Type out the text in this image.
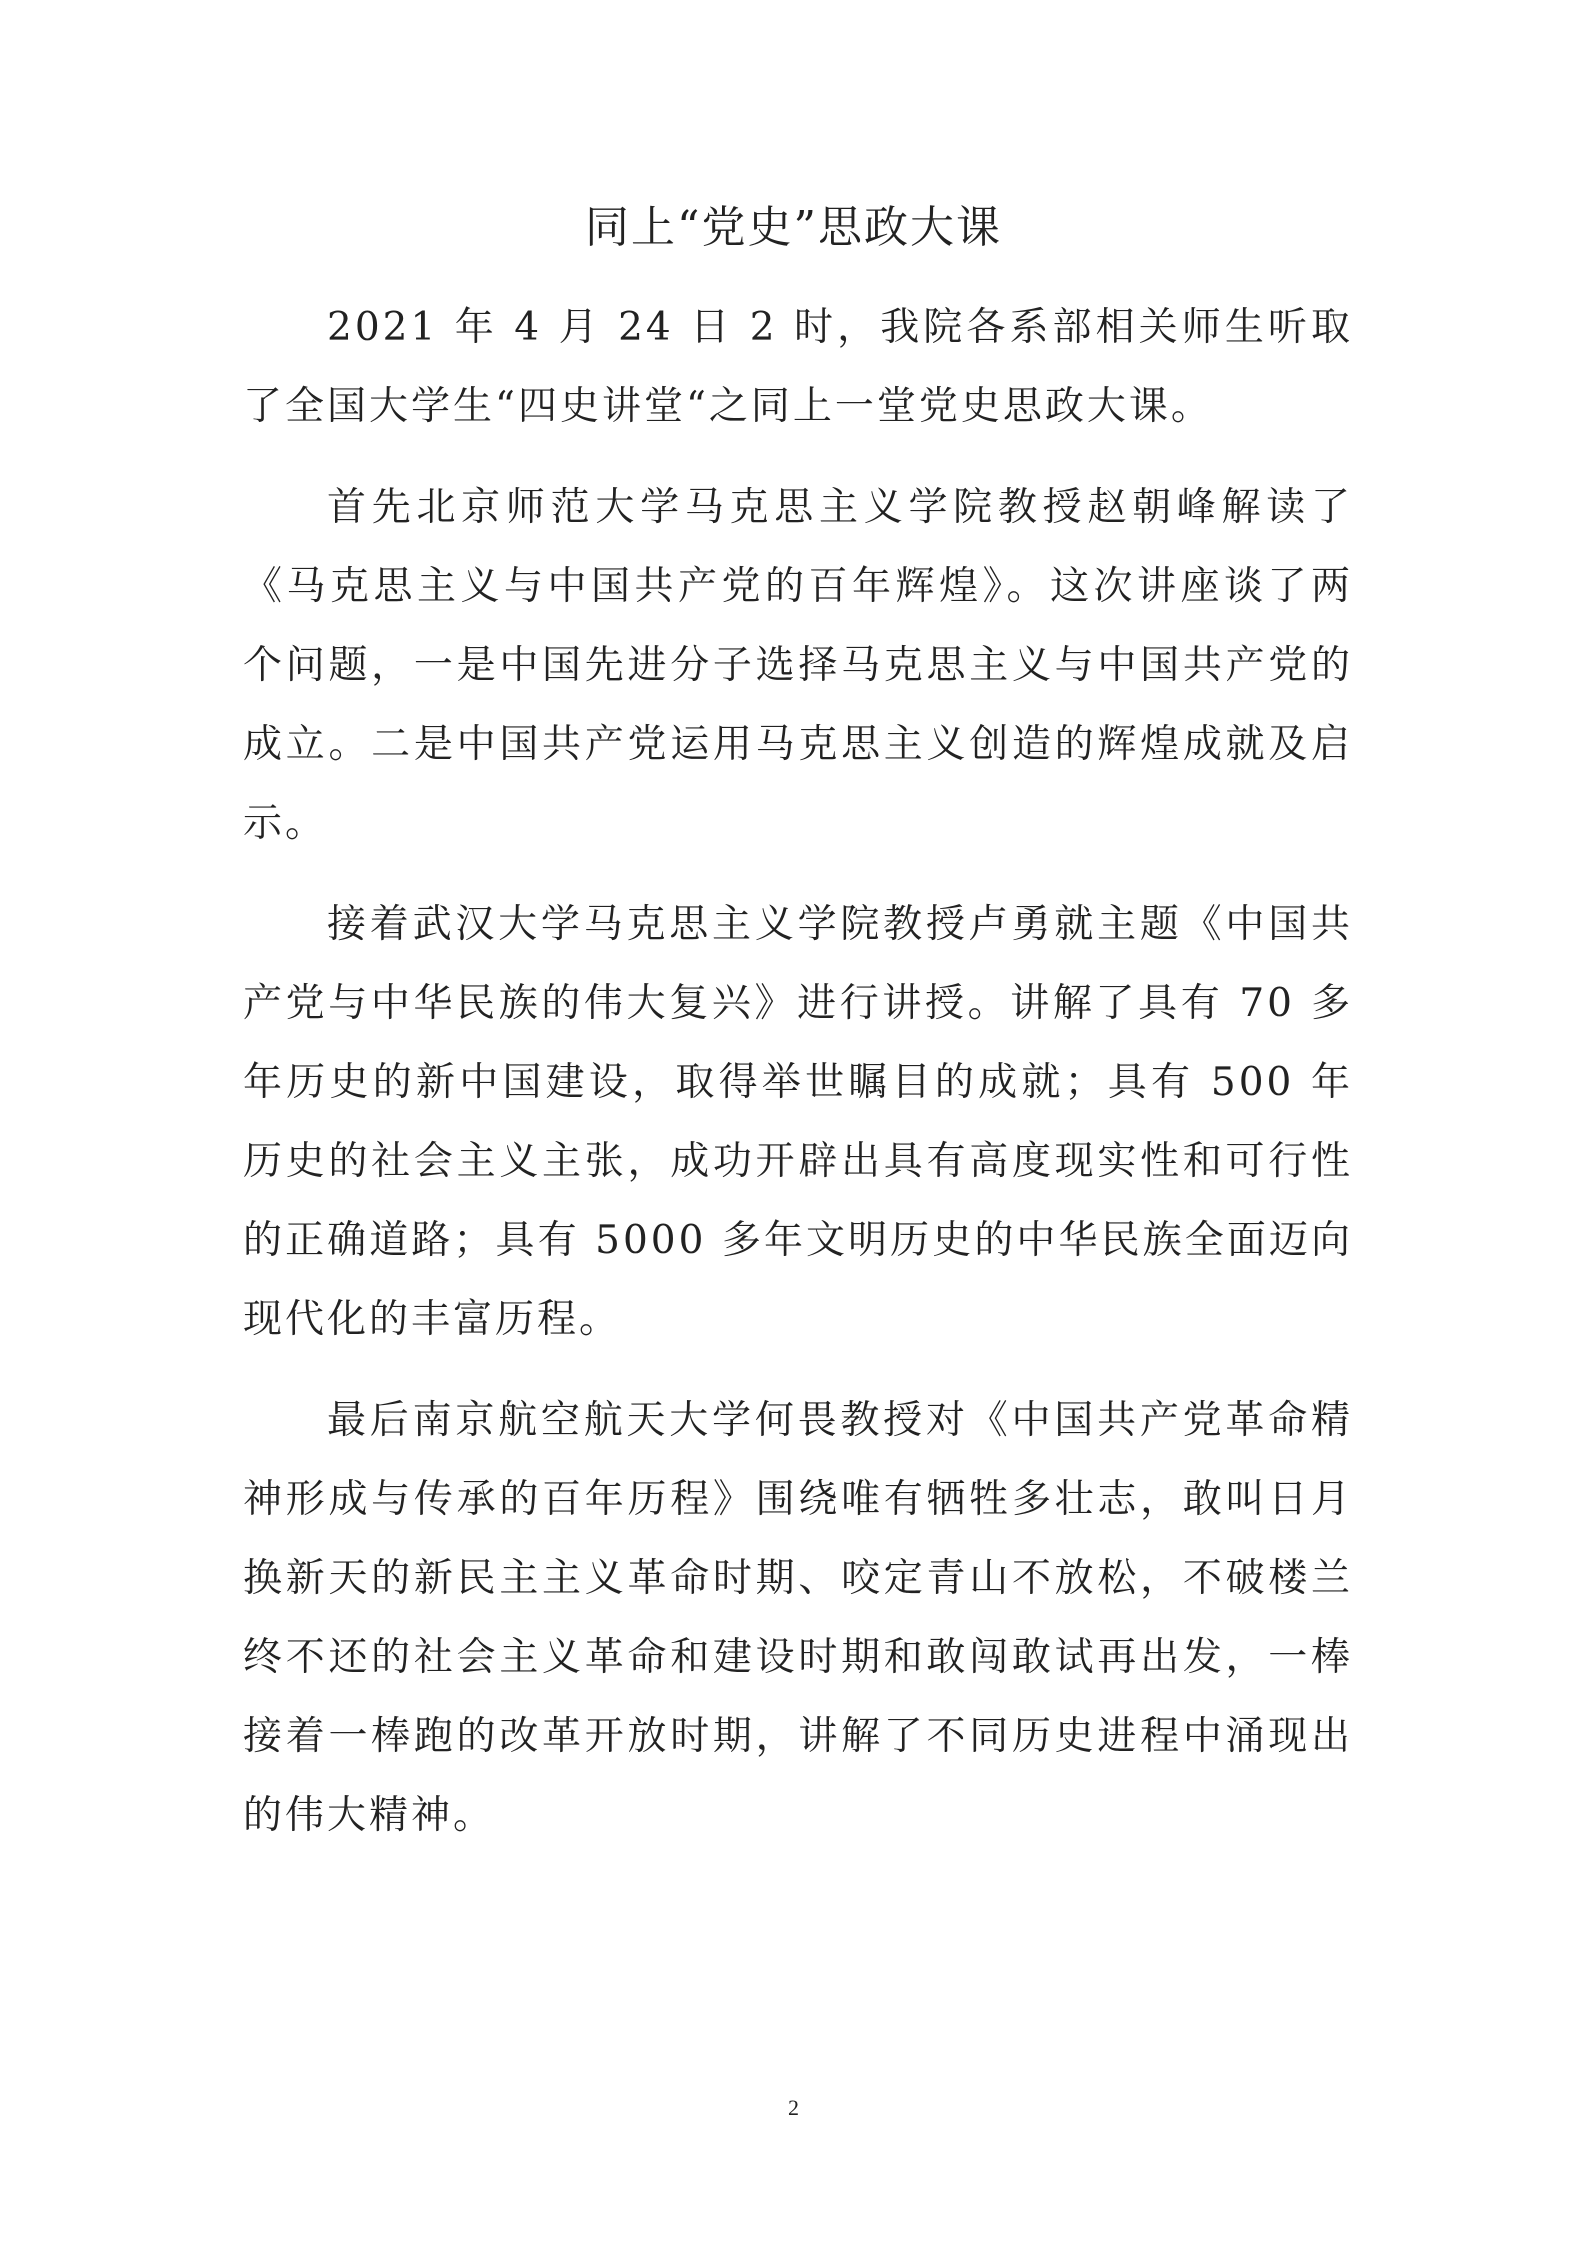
同上“党史”思政大课

2021 年 4 月 24 日 2 时，我院各系部相关师生听取了全国大学生“四史讲堂“之同上一堂党史思政大课。

首先北京师范大学马克思主义学院教授赵朝峰解读了《马克思主义与中国共产党的百年辉煌》。这次讲座谈了两个问题，一是中国先进分子选择马克思主义与中国共产党的成立。二是中国共产党运用马克思主义创造的辉煌成就及启示。

接着武汉大学马克思主义学院教授卢勇就主题《中国共产党与中华民族的伟大复兴》进行讲授。讲解了具有 70 多年历史的新中国建设，取得举世瞩目的成就；具有 500 年历史的社会主义主张，成功开辟出具有高度现实性和可行性的正确道路；具有 5000 多年文明历史的中华民族全面迈向现代化的丰富历程。

最后南京航空航天大学何畏教授对《中国共产党革命精神形成与传承的百年历程》围绕唯有牺牲多壮志，敢叫日月换新天的新民主主义革命时期、咬定青山不放松，不破楼兰终不还的社会主义革命和建设时期和敢闯敢试再出发，一棒接着一棒跑的改革开放时期，讲解了不同历史进程中涌现出的伟大精神。

2
